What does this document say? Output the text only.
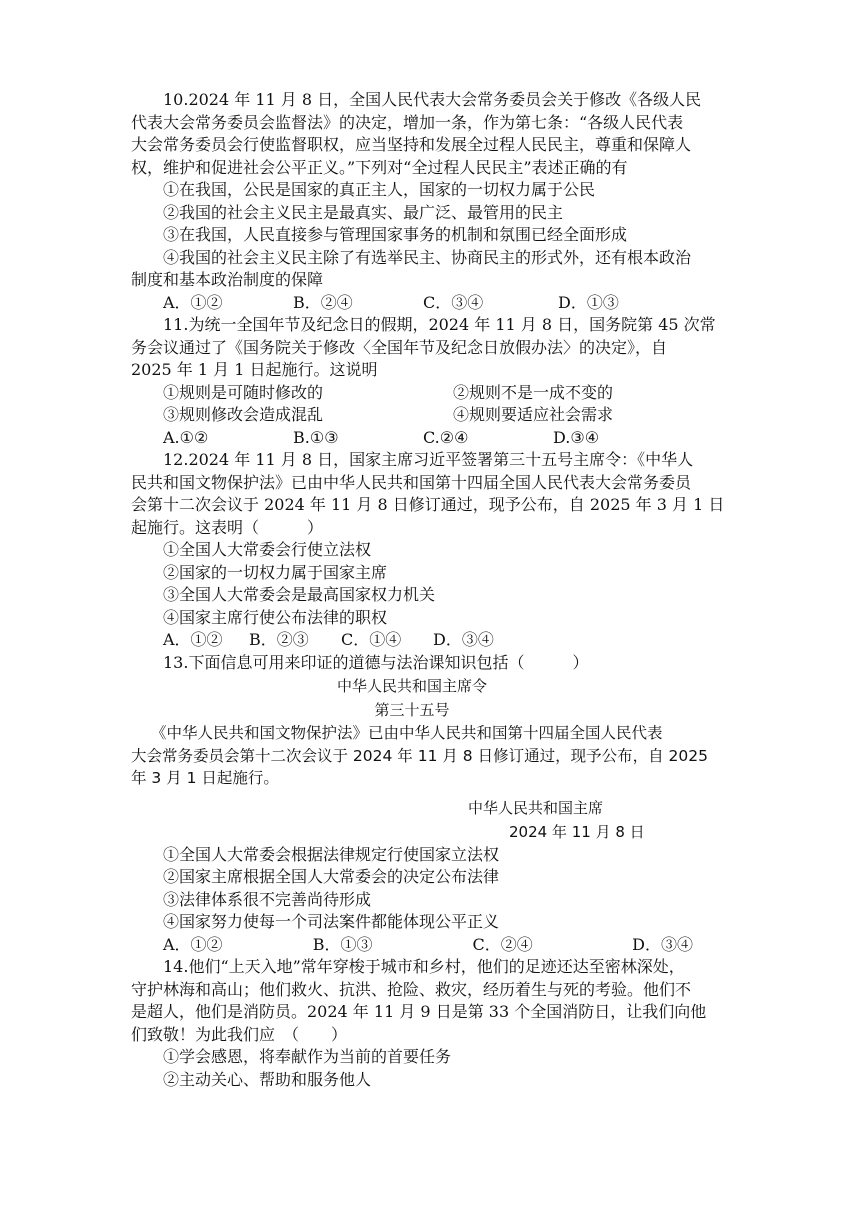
10.2024 年 11 月 8 日，全国人民代表大会常务委员会关于修改《各级人民
代表大会常务委员会监督法》的决定，增加一条，作为第七条：“各级人民代表
大会常务委员会行使监督职权，应当坚持和发展全过程人民民主，尊重和保障人
权，维护和促进社会公平正义。”下列对“全过程人民民主”表述正确的有
①在我国，公民是国家的真正主人，国家的一切权力属于公民
②我国的社会主义民主是最真实、最广泛、最管用的民主
③在我国，人民直接参与管理国家事务的机制和氛围已经全面形成
④我国的社会主义民主除了有选举民主、协商民主的形式外，还有根本政治
制度和基本政治制度的保障
A．①②	B．②④	C．③④	D．①③
11.为统一全国年节及纪念日的假期，2024 年 11 月 8 日，国务院第 45 次常
务会议通过了《国务院关于修改〈全国年节及纪念日放假办法〉的决定》，自
2025 年 1 月 1 日起施行。这说明
①规则是可随时修改的	②规则不是一成不变的
③规则修改会造成混乱	④规则要适应社会需求
A.①②	B.①③	C.②④	D.③④
12.2024 年 11 月 8 日，国家主席习近平签署第三十五号主席令：《中华人
民共和国文物保护法》已由中华人民共和国第十四届全国人民代表大会常务委员
会第十二次会议于 2024 年 11 月 8 日修订通过，现予公布，自 2025 年 3 月 1 日
起施行。这表明（　　　）
①全国人大常委会行使立法权
②国家的一切权力属于国家主席
③全国人大常委会是最高国家权力机关
④国家主席行使公布法律的职权
A．①②	B．②③	C．①④	D．③④
13.下面信息可用来印证的道德与法治课知识包括（　　　）
中华人民共和国主席令
第三十五号
《中华人民共和国文物保护法》已由中华人民共和国第十四届全国人民代表
大会常务委员会第十二次会议于 2024 年 11 月 8 日修订通过，现予公布，自 2025
年 3 月 1 日起施行。
中华人民共和国主席
2024 年 11 月 8 日
①全国人大常委会根据法律规定行使国家立法权
②国家主席根据全国人大常委会的决定公布法律
③法律体系很不完善尚待形成
④国家努力使每一个司法案件都能体现公平正义
A．①②	B．①③	C．②④	D．③④
14.他们“上天入地”常年穿梭于城市和乡村，他们的足迹还达至密林深处，
守护林海和高山；他们救火、抗洪、抢险、救灾，经历着生与死的考验。他们不
是超人，他们是消防员。2024 年 11 月 9 日是第 33 个全国消防日，让我们向他
们致敬！为此我们应　（　　）
①学会感恩，将奉献作为当前的首要任务
②主动关心、帮助和服务他人
